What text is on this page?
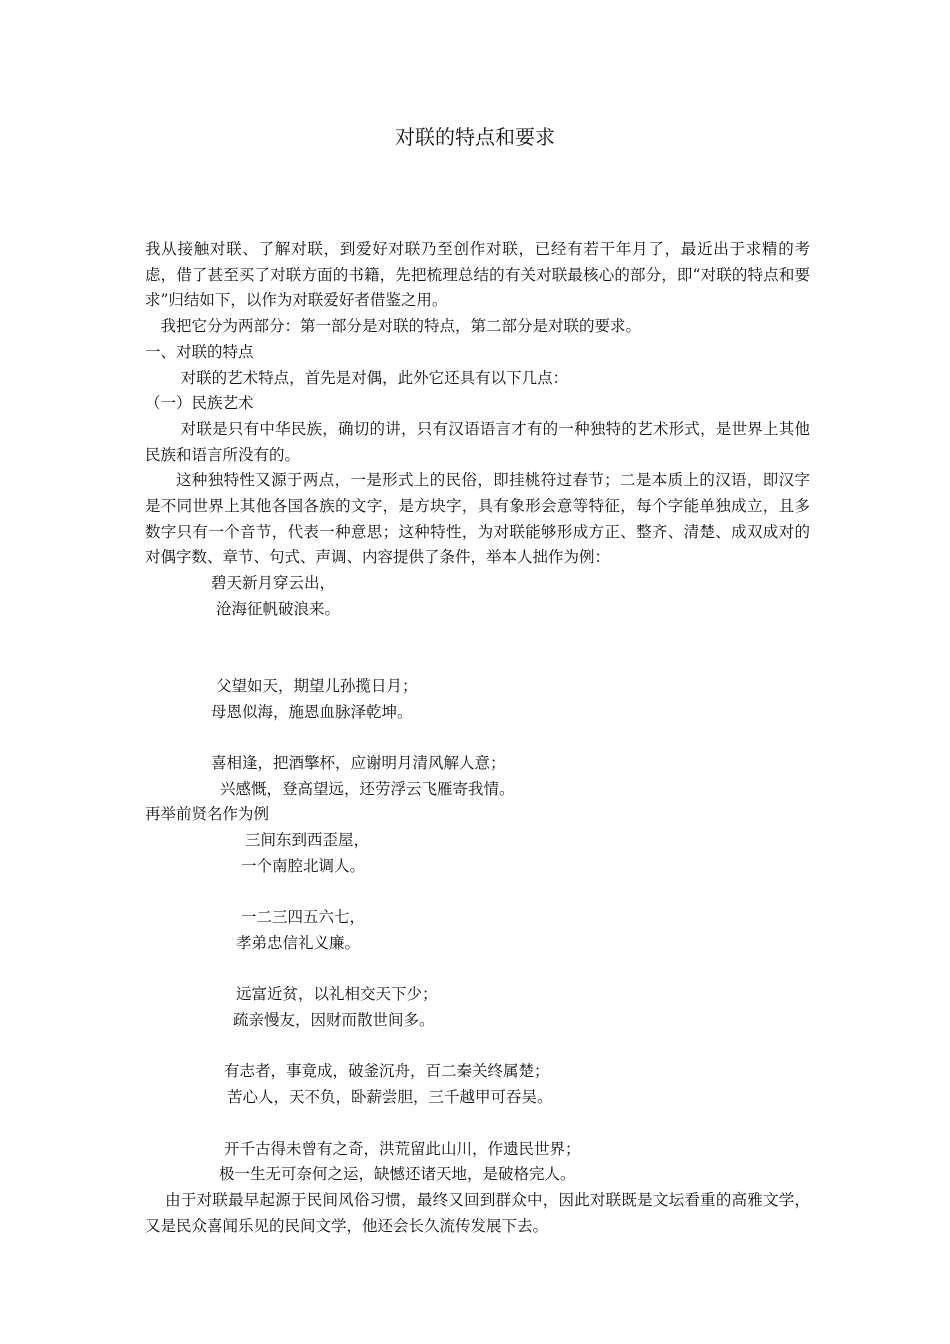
对联的特点和要求

我从接触对联、了解对联，到爱好对联乃至创作对联，已经有若干年月了，最近出于求精的考虑，借了甚至买了对联方面的书籍，先把梳理总结的有关对联最核心的部分，即“对联的特点和要求”归结如下，以作为对联爱好者借鉴之用。

我把它分为两部分：第一部分是对联的特点，第二部分是对联的要求。

一、对联的特点

对联的艺术特点，首先是对偶，此外它还具有以下几点：

（一）民族艺术

对联是只有中华民族，确切的讲，只有汉语语言才有的一种独特的艺术形式，是世界上其他民族和语言所没有的。

这种独特性又源于两点，一是形式上的民俗，即挂桃符过春节；二是本质上的汉语，即汉字是不同世界上其他各国各族的文字，是方块字，具有象形会意等特征，每个字能单独成立，且多数字只有一个音节，代表一种意思；这种特性，为对联能够形成方正、整齐、清楚、成双成对的对偶字数、章节、句式、声调、内容提供了条件，举本人拙作为例：

碧天新月穿云出，

沧海征帆破浪来。

父望如天，期望儿孙揽日月；

母恩似海，施恩血脉泽乾坤。

喜相逢，把酒擎杯，应谢明月清风解人意；

兴感慨，登高望远，还劳浮云飞雁寄我情。

再举前贤名作为例

三间东到西歪屋，

一个南腔北调人。

一二三四五六七，

孝弟忠信礼义廉。

远富近贫，以礼相交天下少；

疏亲慢友，因财而散世间多。

有志者，事竟成，破釜沉舟，百二秦关终属楚；

苦心人，天不负，卧薪尝胆，三千越甲可吞吴。

开千古得未曾有之奇，洪荒留此山川，作遗民世界；

极一生无可奈何之运，缺憾还诸天地，是破格完人。

由于对联最早起源于民间风俗习惯，最终又回到群众中，因此对联既是文坛看重的高雅文学，又是民众喜闻乐见的民间文学，他还会长久流传发展下去。
